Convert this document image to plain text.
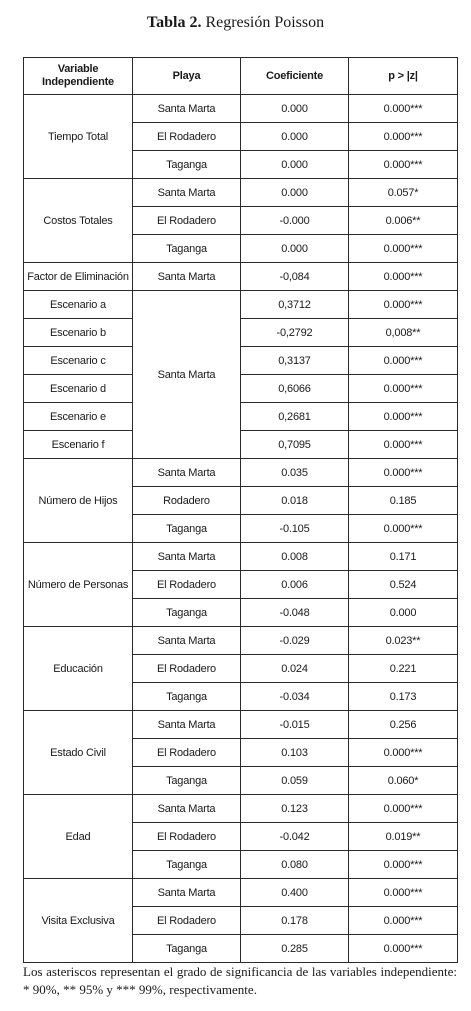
Tabla 2. Regresión Poisson
Variable Independiente	Playa	Coeficiente	p > |z|
Tiempo Total	Santa Marta	0.000	0.000***
	El Rodadero	0.000	0.000***
	Taganga	0.000	0.000***
Costos Totales	Santa Marta	0.000	0.057*
	El Rodadero	-0.000	0.006**
	Taganga	0.000	0.000***
Factor de Eliminación	Santa Marta	-0,084	0.000***
Escenario a	Santa Marta	0,3712	0.000***
Escenario b		-0,2792	0,008**
Escenario c		0,3137	0.000***
Escenario d		0,6066	0.000***
Escenario e		0,2681	0.000***
Escenario f		0,7095	0.000***
Número de Hijos	Santa Marta	0.035	0.000***
	Rodadero	0.018	0.185
	Taganga	-0.105	0.000***
Número de Personas	Santa Marta	0.008	0.171
	El Rodadero	0.006	0.524
	Taganga	-0.048	0.000
Educación	Santa Marta	-0.029	0.023**
	El Rodadero	0.024	0.221
	Taganga	-0.034	0.173
Estado Civil	Santa Marta	-0.015	0.256
	El Rodadero	0.103	0.000***
	Taganga	0.059	0.060*
Edad	Santa Marta	0.123	0.000***
	El Rodadero	-0.042	0.019**
	Taganga	0.080	0.000***
Visita Exclusiva	Santa Marta	0.400	0.000***
	El Rodadero	0.178	0.000***
	Taganga	0.285	0.000***
Los asteriscos representan el grado de significancia de las variables independiente: * 90%, ** 95% y *** 99%, respectivamente.
